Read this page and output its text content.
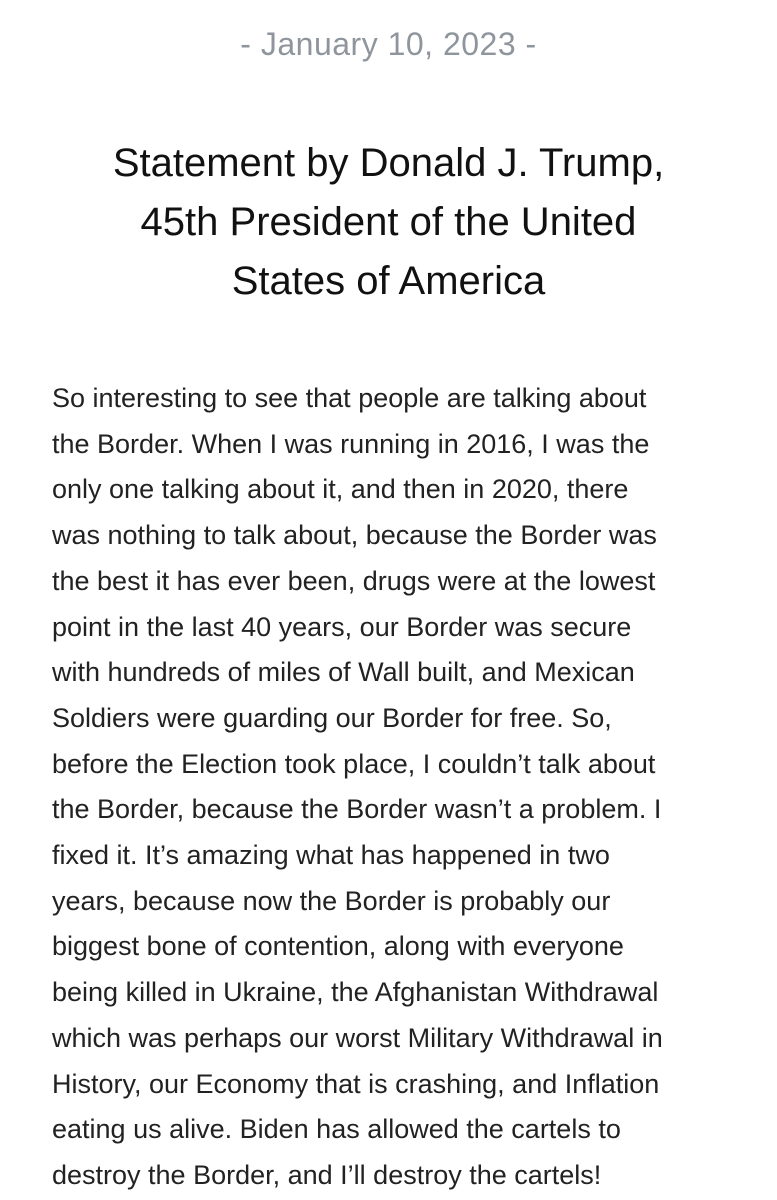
- January 10, 2023 -
Statement by Donald J. Trump,
45th President of the United
States of America

So interesting to see that people are talking about
the Border. When I was running in 2016, I was the
only one talking about it, and then in 2020, there
was nothing to talk about, because the Border was
the best it has ever been, drugs were at the lowest
point in the last 40 years, our Border was secure
with hundreds of miles of Wall built, and Mexican
Soldiers were guarding our Border for free. So,
before the Election took place, I couldn’t talk about
the Border, because the Border wasn’t a problem. I
fixed it. It’s amazing what has happened in two
years, because now the Border is probably our
biggest bone of contention, along with everyone
being killed in Ukraine, the Afghanistan Withdrawal
which was perhaps our worst Military Withdrawal in
History, our Economy that is crashing, and Inflation
eating us alive. Biden has allowed the cartels to
destroy the Border, and I’ll destroy the cartels!
